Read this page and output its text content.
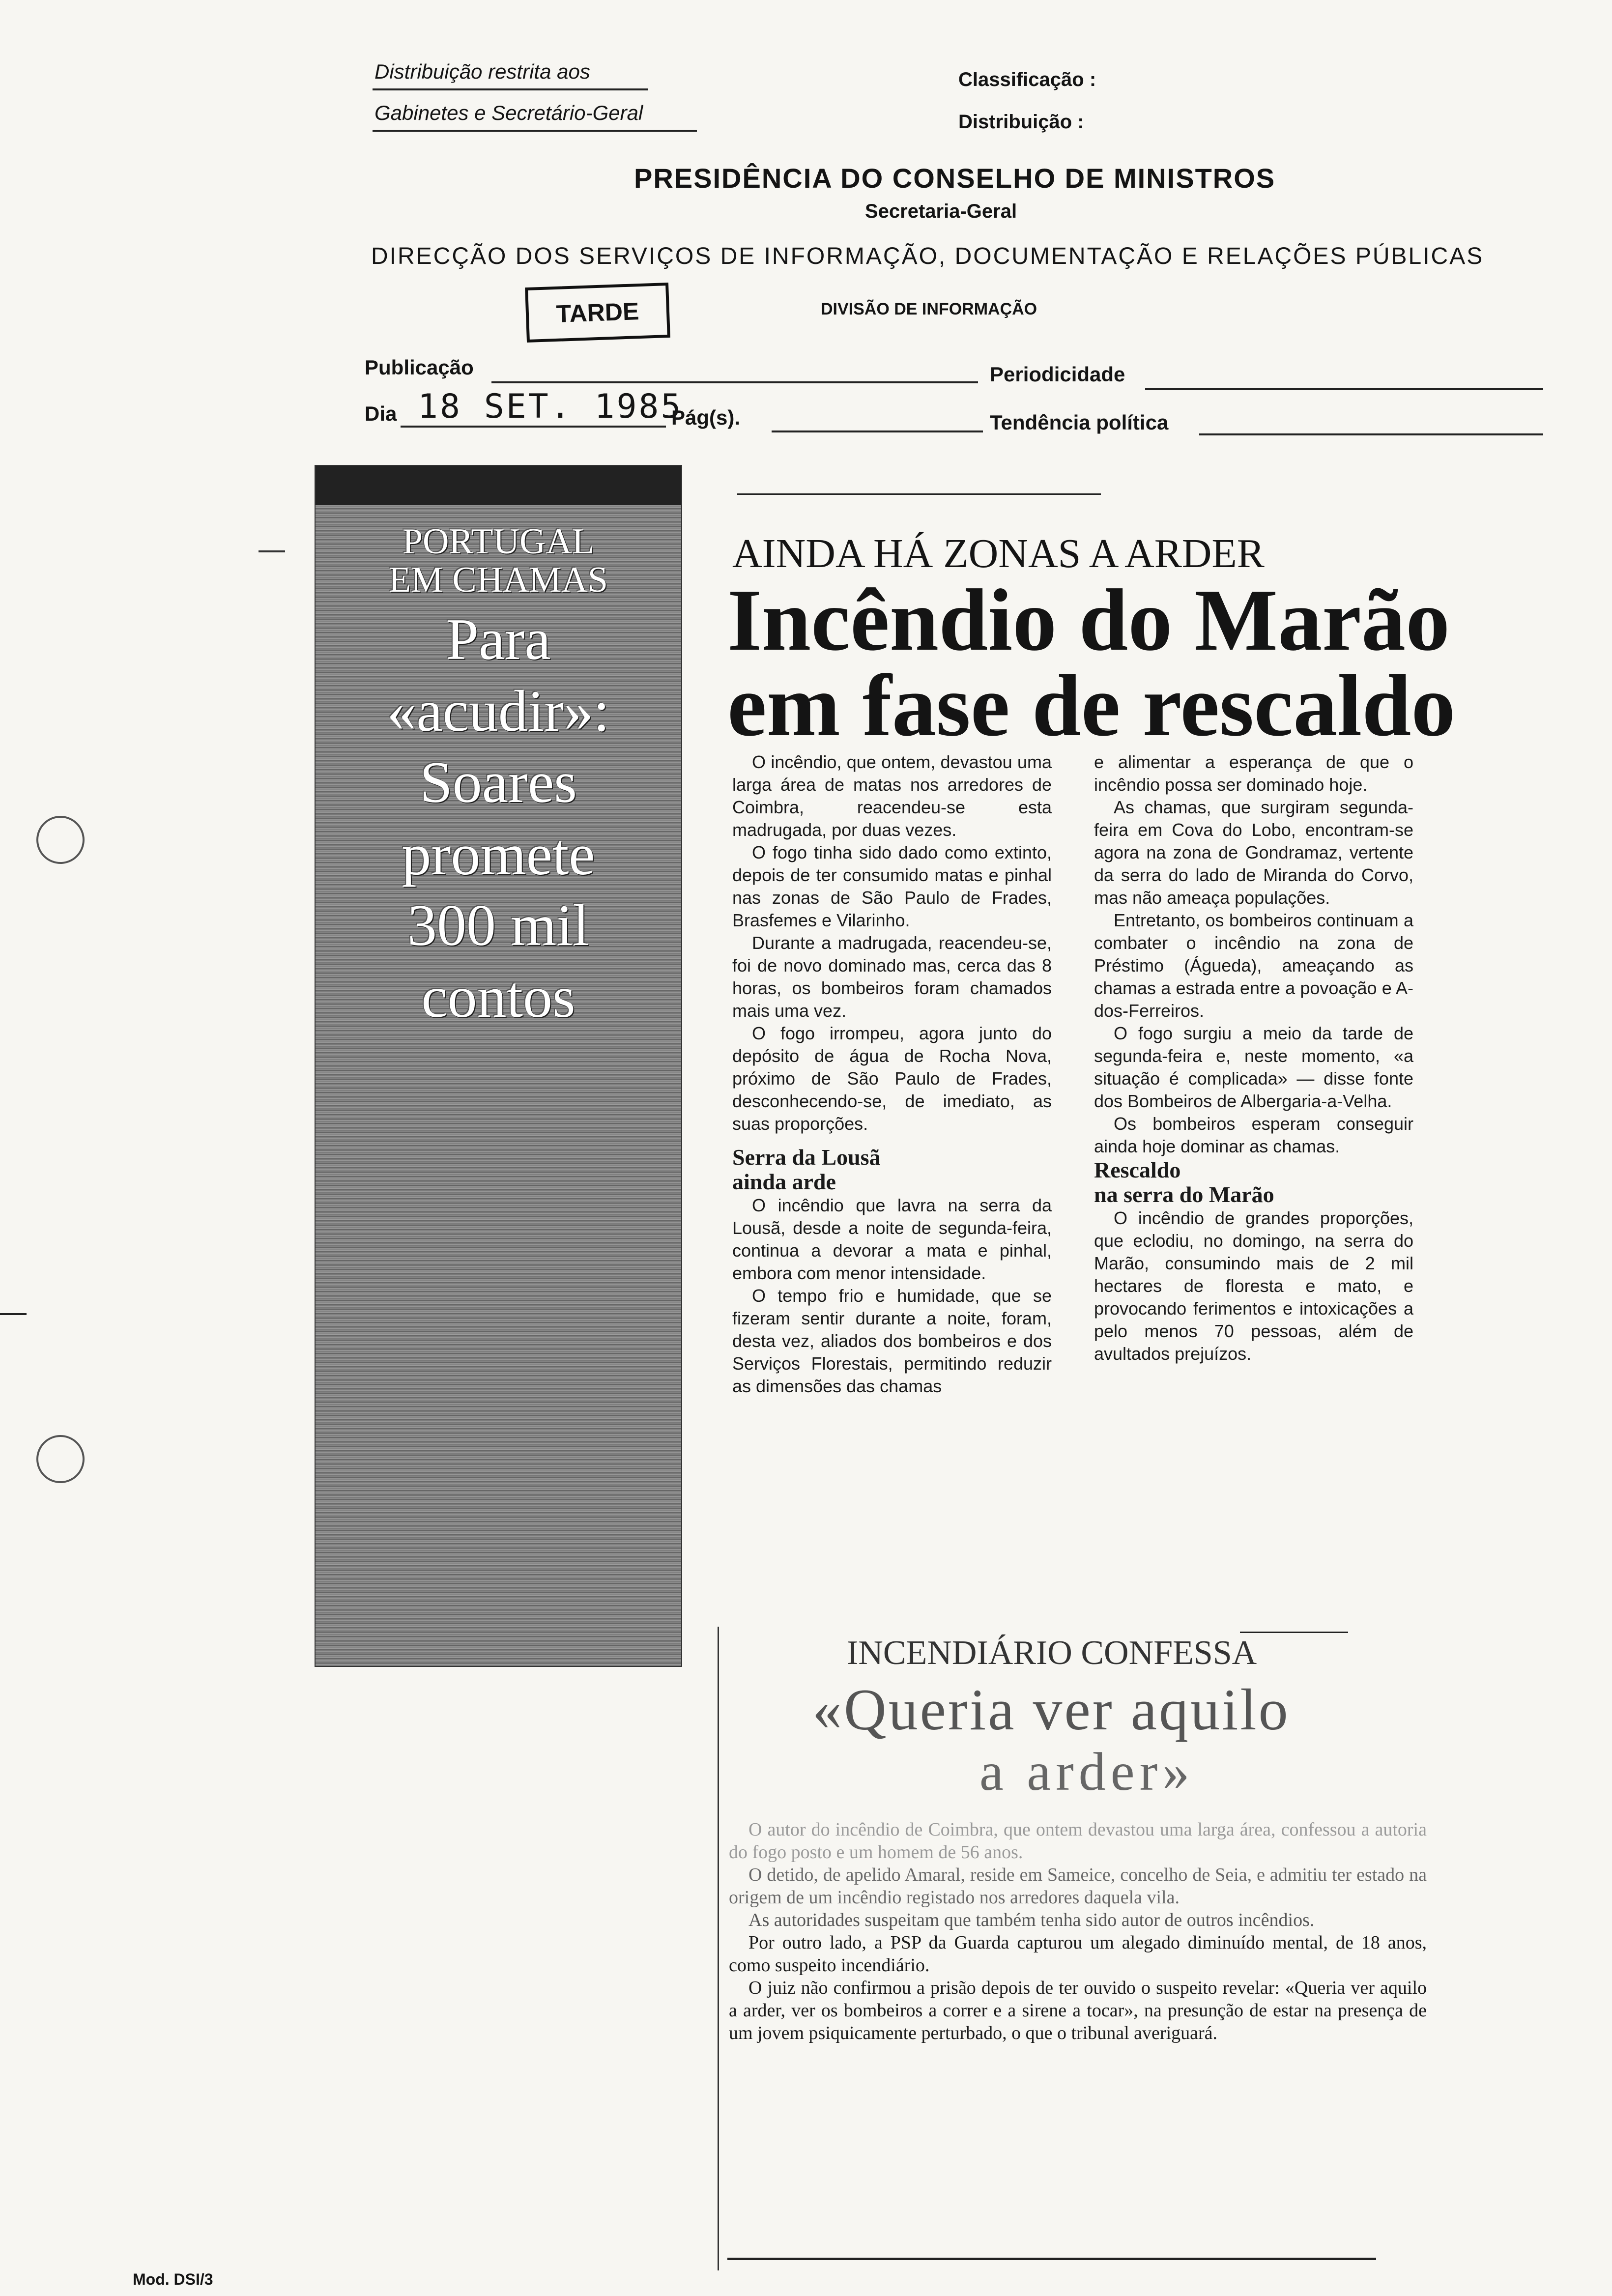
Distribuição restrita aos
Gabinetes e Secretário-Geral
Classificação :
Distribuição :
PRESIDÊNCIA DO CONSELHO DE MINISTROS
Secretaria-Geral
DIRECÇÃO DOS SERVIÇOS DE INFORMAÇÃO, DOCUMENTAÇÃO E RELAÇÕES PÚBLICAS
TARDE	DIVISÃO DE INFORMAÇÃO
Publicação	Periodicidade
Dia 18 SET. 1985
Pág(s).	Tendência política
PORTUGAL
EM CHAMAS
Para
«acudir»:
Soares
promete
300 mil
contos
AINDA HÁ ZONAS A ARDER
Incêndio do Marão
em fase de rescaldo

O incêndio, que ontem, devastou uma larga área de matas nos arredores de Coimbra, reacendeu-se esta madrugada, por duas vezes.

O fogo tinha sido dado como extinto, depois de ter consumido matas e pinhal nas zonas de São Paulo de Frades, Brasfemes e Vilarinho.

Durante a madrugada, reacendeu-se, foi de novo dominado mas, cerca das 8 horas, os bombeiros foram chamados mais uma vez.

O fogo irrompeu, agora junto do depósito de água de Rocha Nova, próximo de São Paulo de Frades, desconhecendo-se, de imediato, as suas proporções.

Serra da Lousã
ainda arde

O incêndio que lavra na serra da Lousã, desde a noite de segunda-feira, continua a devorar a mata e pinhal, embora com menor intensidade.

O tempo frio e humidade, que se fizeram sentir durante a noite, foram, desta vez, aliados dos bombeiros e dos Serviços Florestais, permitindo reduzir as dimensões das chamas

e alimentar a esperança de que o incêndio possa ser dominado hoje.

As chamas, que surgiram segunda-feira em Cova do Lobo, encontram-se agora na zona de Gondramaz, vertente da serra do lado de Miranda do Corvo, mas não ameaça populações.

Entretanto, os bombeiros continuam a combater o incêndio na zona de Préstimo (Águeda), ameaçando as chamas a estrada entre a povoação e A-dos-Ferreiros.

O fogo surgiu a meio da tarde de segunda-feira e, neste momento, «a situação é complicada» — disse fonte dos Bombeiros de Albergaria-a-Velha.

Os bombeiros esperam conseguir ainda hoje dominar as chamas.

Rescaldo
na serra do Marão

O incêndio de grandes proporções, que eclodiu, no domingo, na serra do Marão, consumindo mais de 2 mil hectares de floresta e mato, e provocando ferimentos e intoxicações a pelo menos 70 pessoas, além de avultados prejuízos.

INCENDIÁRIO CONFESSA
«Queria ver aquilo
a arder»

O autor do incêndio de Coimbra, que ontem devastou uma larga área, confessou a autoria do fogo posto e um homem de 56 anos.

O detido, de apelido Amaral, reside em Sameice, concelho de Seia, e admitiu ter estado na origem de um incêndio registado nos arredores daquela vila.

As autoridades suspeitam que também tenha sido autor de outros incêndios.

Por outro lado, a PSP da Guarda capturou um alegado diminuído mental, de 18 anos, como suspeito incendiário.

O juiz não confirmou a prisão depois de ter ouvido o suspeito revelar: «Queria ver aquilo a arder, ver os bombeiros a correr e a sirene a tocar», na presunção de estar na presença de um jovem psiquicamente perturbado, o que o tribunal averiguará.

Mod. DSI/3
